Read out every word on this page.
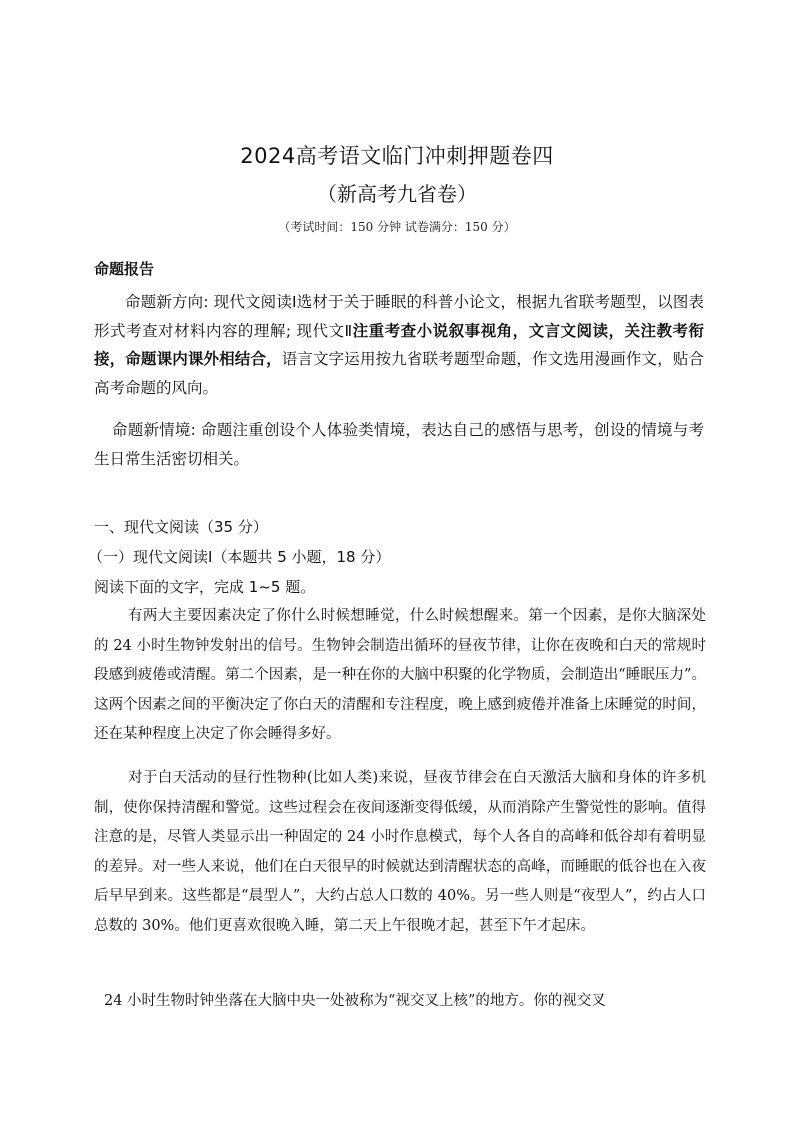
2024高考语文临门冲刺押题卷四
（新高考九省卷）
（考试时间：150 分钟 试卷满分：150 分）
命题报告
命题新方向: 现代文阅读Ⅰ选材于关于睡眠的科普小论文，根据九省联考题型，以图表形式考查对材料内容的理解; 现代文Ⅱ注重考查小说叙事视角，文言文阅读，关注教考衔接，命题课内课外相结合，语言文字运用按九省联考题型命题，作文选用漫画作文，贴合高考命题的风向。
命题新情境: 命题注重创设个人体验类情境，表达自己的感悟与思考，创设的情境与考生日常生活密切相关。
一、现代文阅读（35 分）
（一）现代文阅读Ⅰ（本题共 5 小题，18 分）
阅读下面的文字，完成 1~5 题。
有两大主要因素决定了你什么时候想睡觉，什么时候想醒来。第一个因素，是你大脑深处的 24 小时生物钟发射出的信号。生物钟会制造出循环的昼夜节律，让你在夜晚和白天的常规时段感到疲倦或清醒。第二个因素，是一种在你的大脑中积聚的化学物质，会制造出“睡眠压力”。这两个因素之间的平衡决定了你白天的清醒和专注程度，晚上感到疲倦并准备上床睡觉的时间，还在某种程度上决定了你会睡得多好。
对于白天活动的昼行性物种(比如人类)来说，昼夜节律会在白天激活大脑和身体的许多机制，使你保持清醒和警觉。这些过程会在夜间逐渐变得低缓，从而消除产生警觉性的影响。值得注意的是，尽管人类显示出一种固定的 24 小时作息模式，每个人各自的高峰和低谷却有着明显的差异。对一些人来说，他们在白天很早的时候就达到清醒状态的高峰，而睡眠的低谷也在入夜后早早到来。这些都是“晨型人”，大约占总人口数的 40%。另一些人则是“夜型人”，约占人口总数的 30%。他们更喜欢很晚入睡，第二天上午很晚才起，甚至下午才起床。
24 小时生物时钟坐落在大脑中央一处被称为“视交叉上核”的地方。你的视交叉
